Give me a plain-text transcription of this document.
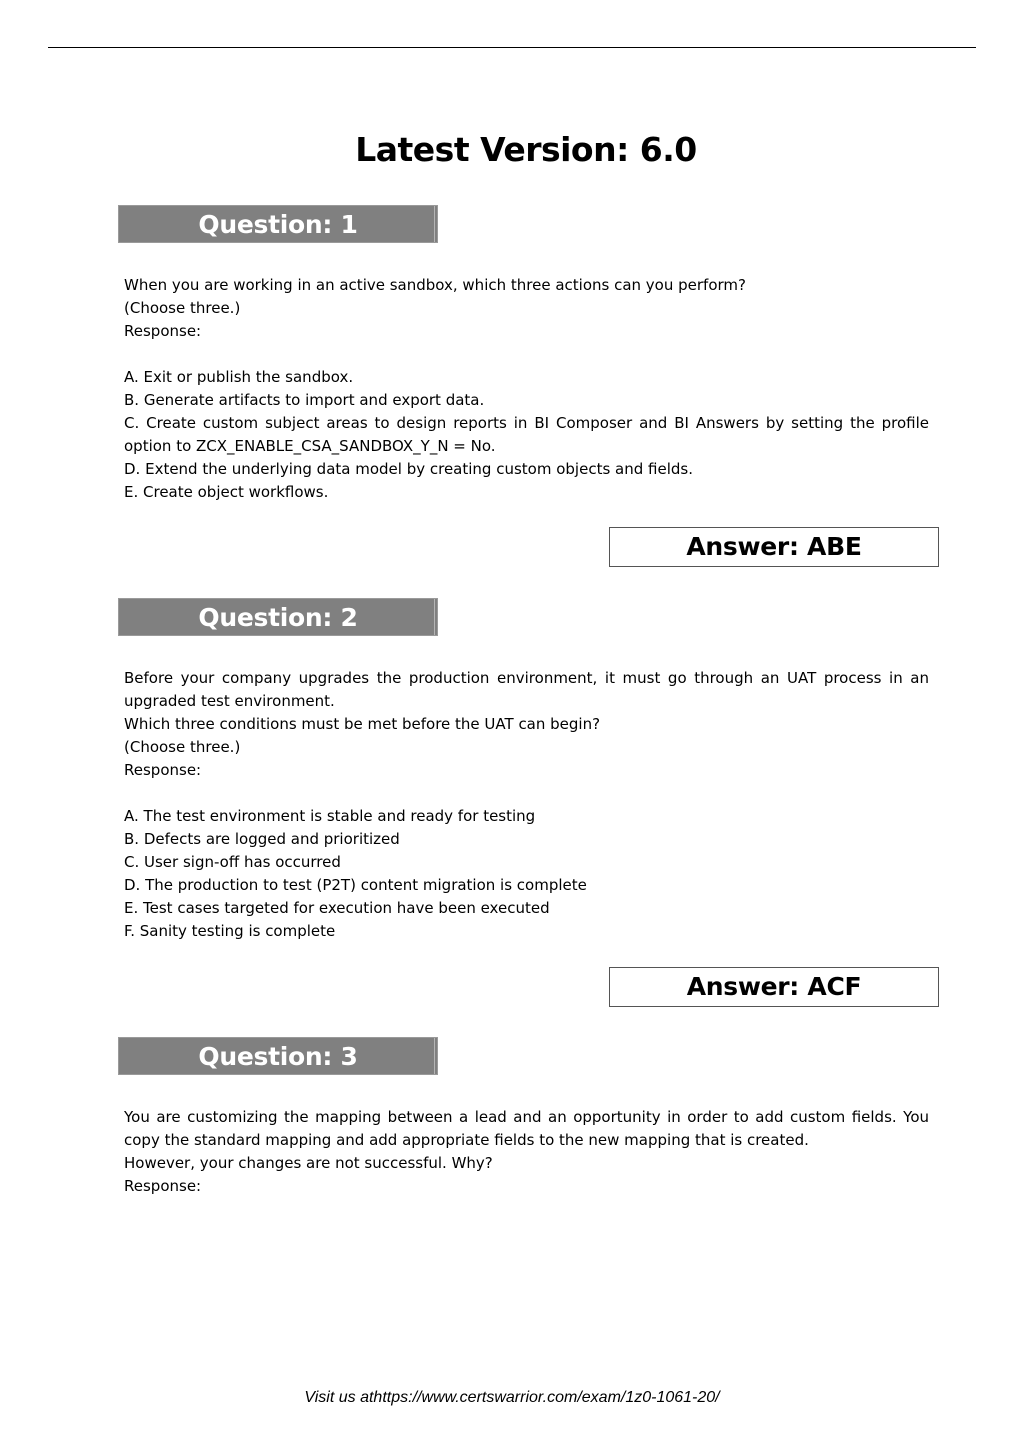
Latest Version: 6.0
Question: 1

When you are working in an active sandbox, which three actions can you perform?

(Choose three.)

Response:

A. Exit or publish the sandbox.

B. Generate artifacts to import and export data.

C. Create custom subject areas to design reports in BI Composer and BI Answers by setting the profile option to ZCX_ENABLE_CSA_SANDBOX_Y_N = No.

D. Extend the underlying data model by creating custom objects and fields.

E. Create object workflows.

Answer: ABE
Question: 2

Before your company upgrades the production environment, it must go through an UAT process in an upgraded test environment.

Which three conditions must be met before the UAT can begin?

(Choose three.)

Response:

A. The test environment is stable and ready for testing

B. Defects are logged and prioritized

C. User sign-off has occurred

D. The production to test (P2T) content migration is complete

E. Test cases targeted for execution have been executed

F. Sanity testing is complete

Answer: ACF
Question: 3

You are customizing the mapping between a lead and an opportunity in order to add custom fields. You copy the standard mapping and add appropriate fields to the new mapping that is created.

However, your changes are not successful. Why?

Response:

Visit us athttps://www.certswarrior.com/exam/1z0-1061-20/
